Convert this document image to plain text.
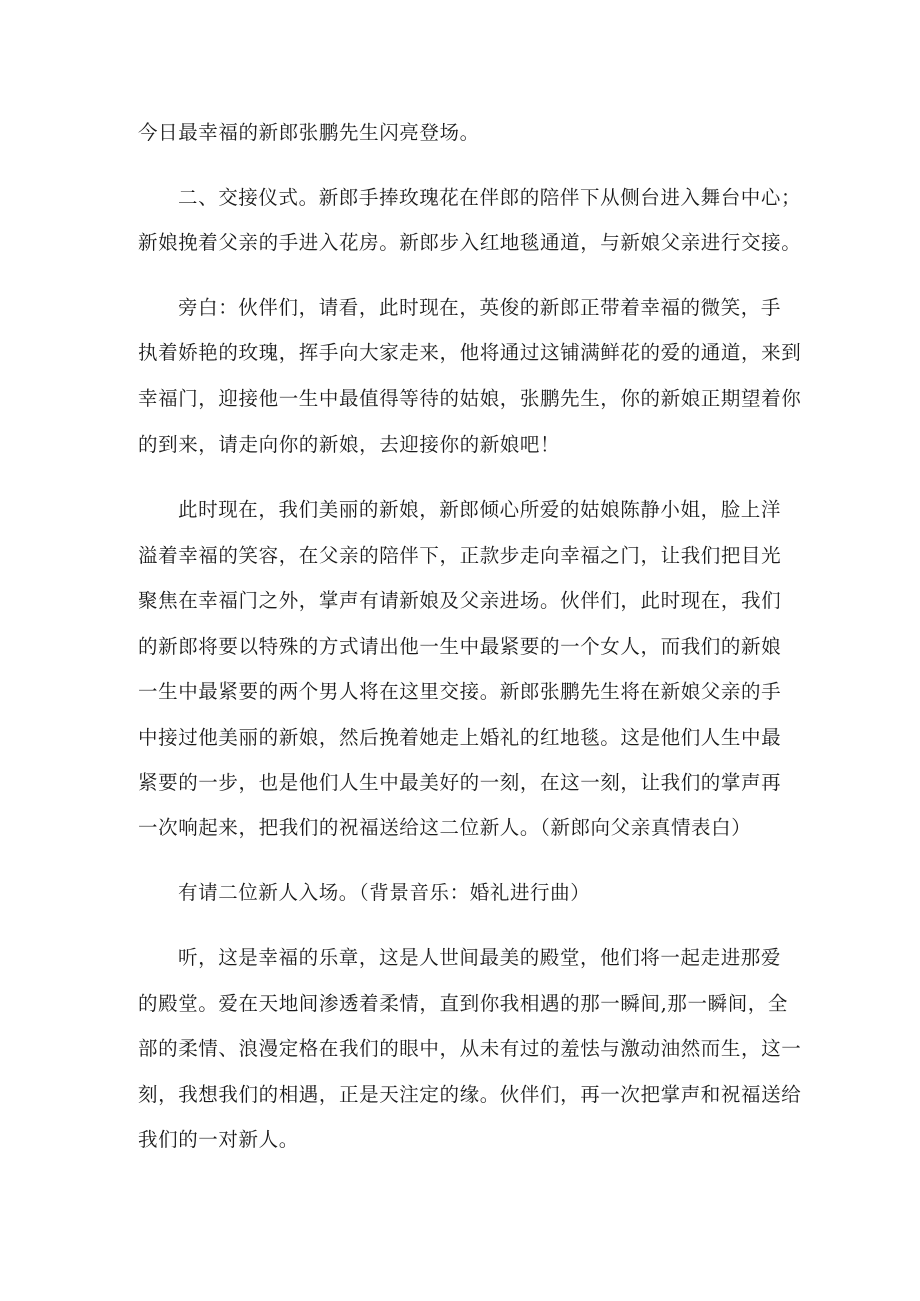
今日最幸福的新郎张鹏先生闪亮登场。
二、交接仪式。新郎手捧玫瑰花在伴郎的陪伴下从侧台进入舞台中心；
新娘挽着父亲的手进入花房。新郎步入红地毯通道，与新娘父亲进行交接。
旁白：伙伴们，请看，此时现在，英俊的新郎正带着幸福的微笑，手
执着娇艳的玫瑰，挥手向大家走来，他将通过这铺满鲜花的爱的通道，来到
幸福门，迎接他一生中最值得等待的姑娘，张鹏先生，你的新娘正期望着你
的到来，请走向你的新娘，去迎接你的新娘吧！
此时现在，我们美丽的新娘，新郎倾心所爱的姑娘陈静小姐，脸上洋
溢着幸福的笑容，在父亲的陪伴下，正款步走向幸福之门，让我们把目光
聚焦在幸福门之外，掌声有请新娘及父亲进场。伙伴们，此时现在，我们
的新郎将要以特殊的方式请出他一生中最紧要的一个女人，而我们的新娘
一生中最紧要的两个男人将在这里交接。新郎张鹏先生将在新娘父亲的手
中接过他美丽的新娘，然后挽着她走上婚礼的红地毯。这是他们人生中最
紧要的一步，也是他们人生中最美好的一刻，在这一刻，让我们的掌声再
一次响起来，把我们的祝福送给这二位新人。（新郎向父亲真情表白）
有请二位新人入场。（背景音乐：婚礼进行曲）
听，这是幸福的乐章，这是人世间最美的殿堂，他们将一起走进那爱
的殿堂。爱在天地间渗透着柔情，直到你我相遇的那一瞬间,那一瞬间，全
部的柔情、浪漫定格在我们的眼中，从未有过的羞怯与激动油然而生，这一
刻，我想我们的相遇，正是天注定的缘。伙伴们，再一次把掌声和祝福送给
我们的一对新人。
